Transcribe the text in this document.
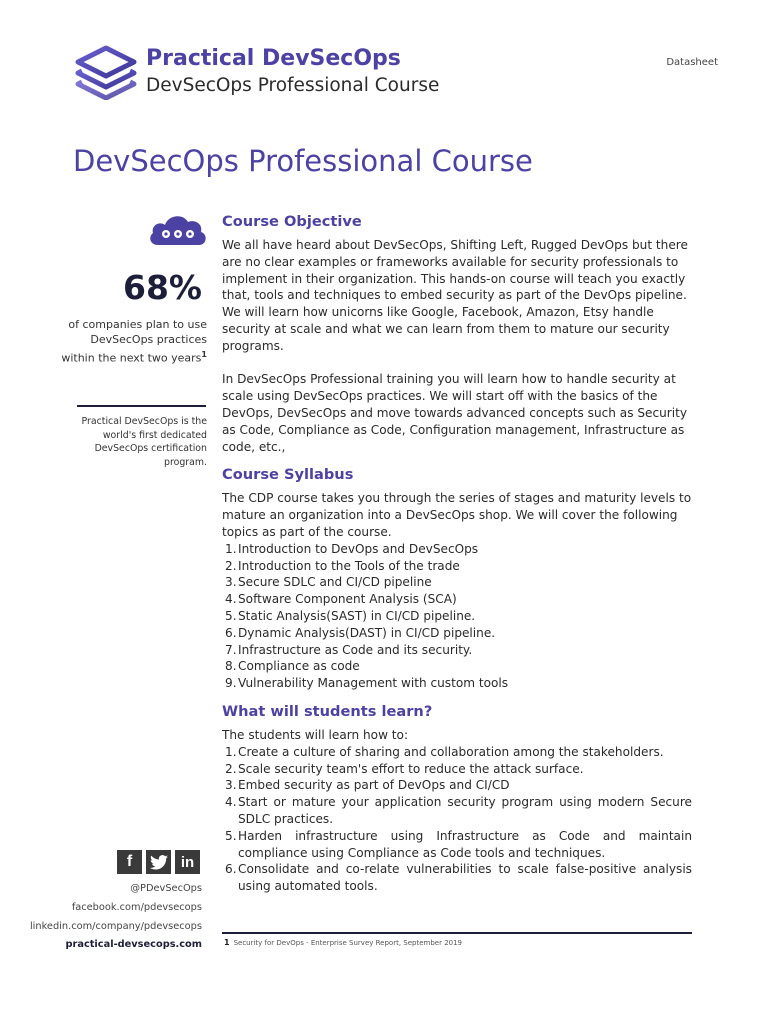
Practical DevSecOps
DevSecOps Professional Course
Datasheet
DevSecOps Professional Course
68%
of companies plan to use DevSecOps practices within the next two years$^1$
Practical DevSecOps is the world's first dedicated DevSecOps certification program.
f	in
@PDevSecOps
facebook.com/pdevsecops
linkedin.com/company/pdevsecops
practical-devsecops.com
Course Objective

We all have heard about DevSecOps, Shifting Left, Rugged DevOps but there are no clear examples or frameworks available for security professionals to implement in their organization. This hands-on course will teach you exactly that, tools and techniques to embed security as part of the DevOps pipeline. We will learn how unicorns like Google, Facebook, Amazon, Etsy handle security at scale and what we can learn from them to mature our security programs.

In DevSecOps Professional training you will learn how to handle security at scale using DevSecOps practices. We will start off with the basics of the DevOps, DevSecOps and move towards advanced concepts such as Security as Code, Compliance as Code, Configuration management, Infrastructure as code, etc.,

Course Syllabus

The CDP course takes you through the series of stages and maturity levels to mature an organization into a DevSecOps shop. We will cover the following topics as part of the course.

1. Introduction to DevOps and DevSecOps
2. Introduction to the Tools of the trade
3. Secure SDLC and CI/CD pipeline
4. Software Component Analysis (SCA)
5. Static Analysis(SAST) in CI/CD pipeline.
6. Dynamic Analysis(DAST) in CI/CD pipeline.
7. Infrastructure as Code and its security.
8. Compliance as code
9. Vulnerability Management with custom tools
What will students learn?

The students will learn how to:

1. Create a culture of sharing and collaboration among the stakeholders.
2. Scale security team's effort to reduce the attack surface.
3. Embed security as part of DevOps and CI/CD
4. Start or mature your application security program using modern Secure SDLC practices.
5. Harden infrastructure using Infrastructure as Code and maintain compliance using Compliance as Code tools and techniques.
6. Consolidate and co-relate vulnerabilities to scale false-positive analysis using automated tools.
1 Security for DevOps - Enterprise Survey Report, September 2019
